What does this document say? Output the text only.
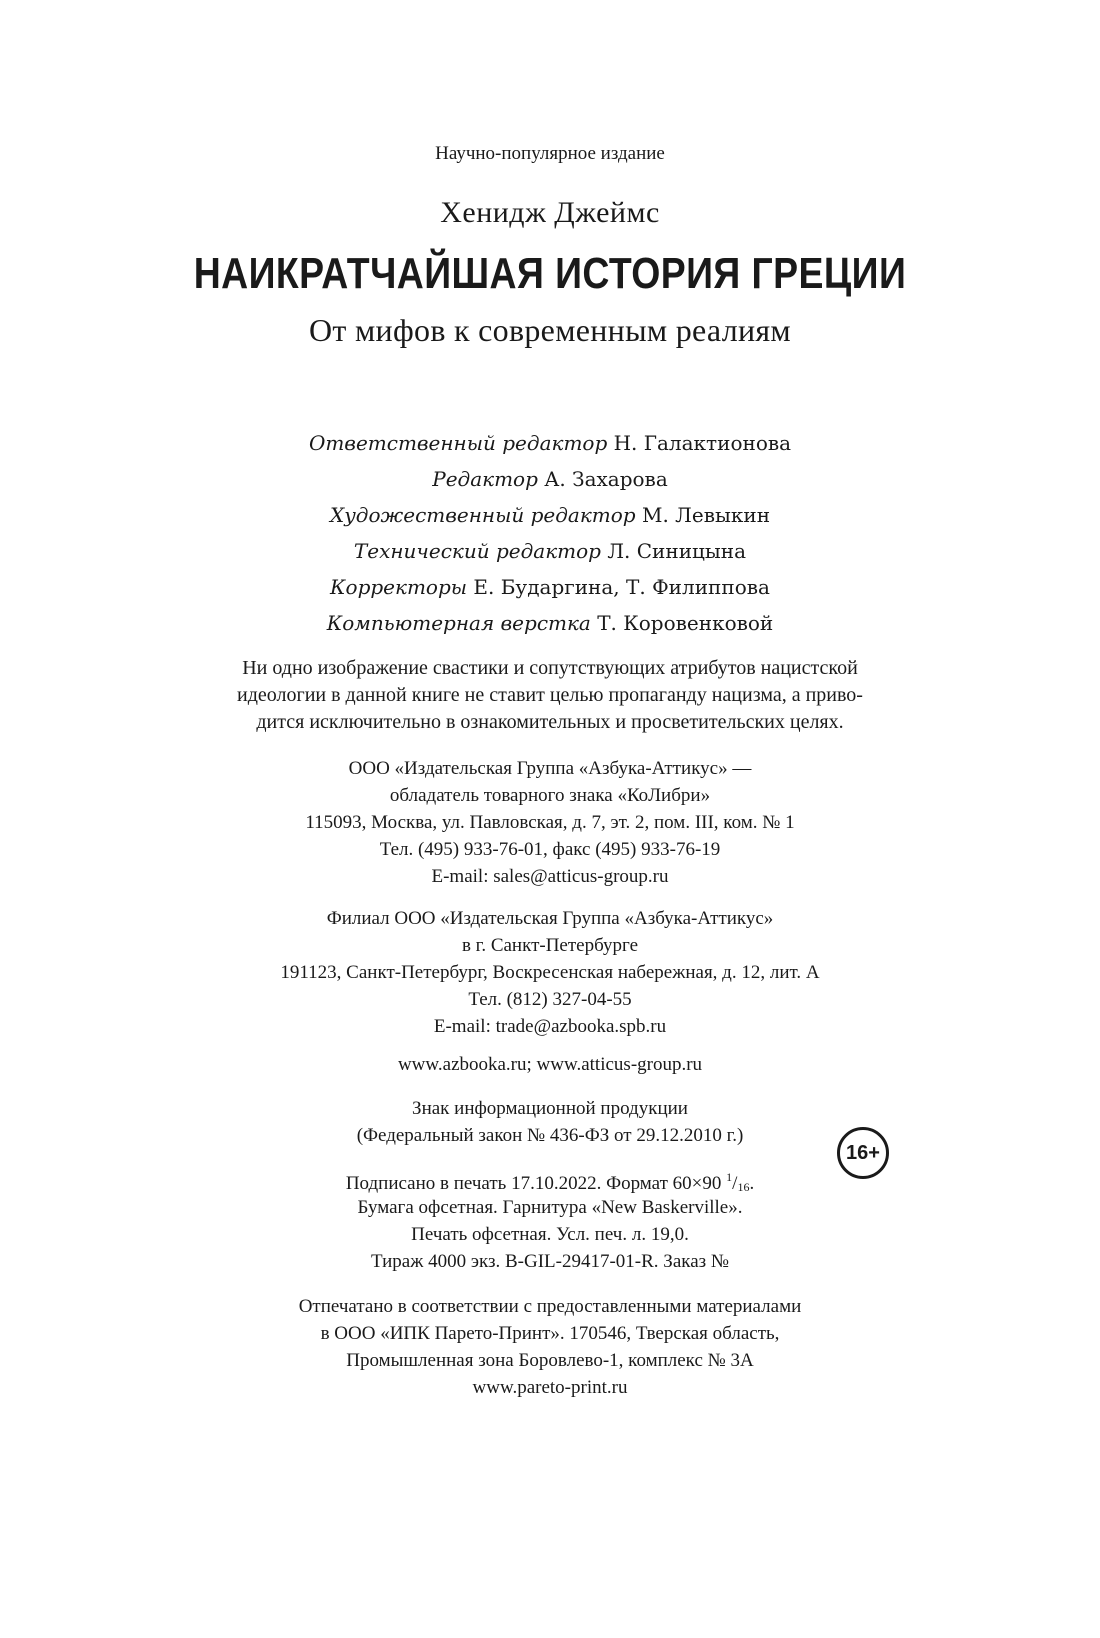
Научно-популярное издание
Хенидж Джеймс
НАИКРАТЧАЙШАЯ ИСТОРИЯ ГРЕЦИИ
От мифов к современным реалиям
Ответственный редактор Н. Галактионова
Редактор А. Захарова
Художественный редактор М. Левыкин
Технический редактор Л. Синицына
Корректоры Е. Бударгина, Т. Филиппова
Компьютерная верстка Т. Коровенковой
Ни одно изображение свастики и сопутствующих атрибутов нацистской
идеологии в данной книге не ставит целью пропаганду нацизма, а приво-
дится исключительно в ознакомительных и просветительских целях.
ООО «Издательская Группа «Азбука-Аттикус» —
обладатель товарного знака «КоЛибри»
115093, Москва, ул. Павловская, д. 7, эт. 2, пом. III, ком. № 1
Тел. (495) 933-76-01, факс (495) 933-76-19
E-mail: sales@atticus-group.ru
Филиал ООО «Издательская Группа «Азбука-Аттикус»
в г. Санкт-Петербурге
191123, Санкт-Петербург, Воскресенская набережная, д. 12, лит. А
Тел. (812) 327-04-55
E-mail: trade@azbooka.spb.ru
www.azbooka.ru; www.atticus-group.ru
Знак информационной продукции
(Федеральный закон № 436-ФЗ от 29.12.2010 г.)
16+
Подписано в печать 17.10.2022. Формат 60×90 $^1$/16.
Бумага офсетная. Гарнитура «New Baskerville».
Печать офсетная. Усл. печ. л. 19,0.
Тираж 4000 экз. B-GIL-29417-01-R. Заказ №
Отпечатано в соответствии с предоставленными материалами
в ООО «ИПК Парето-Принт». 170546, Тверская область,
Промышленная зона Боровлево-1, комплекс № 3А
www.pareto-print.ru
